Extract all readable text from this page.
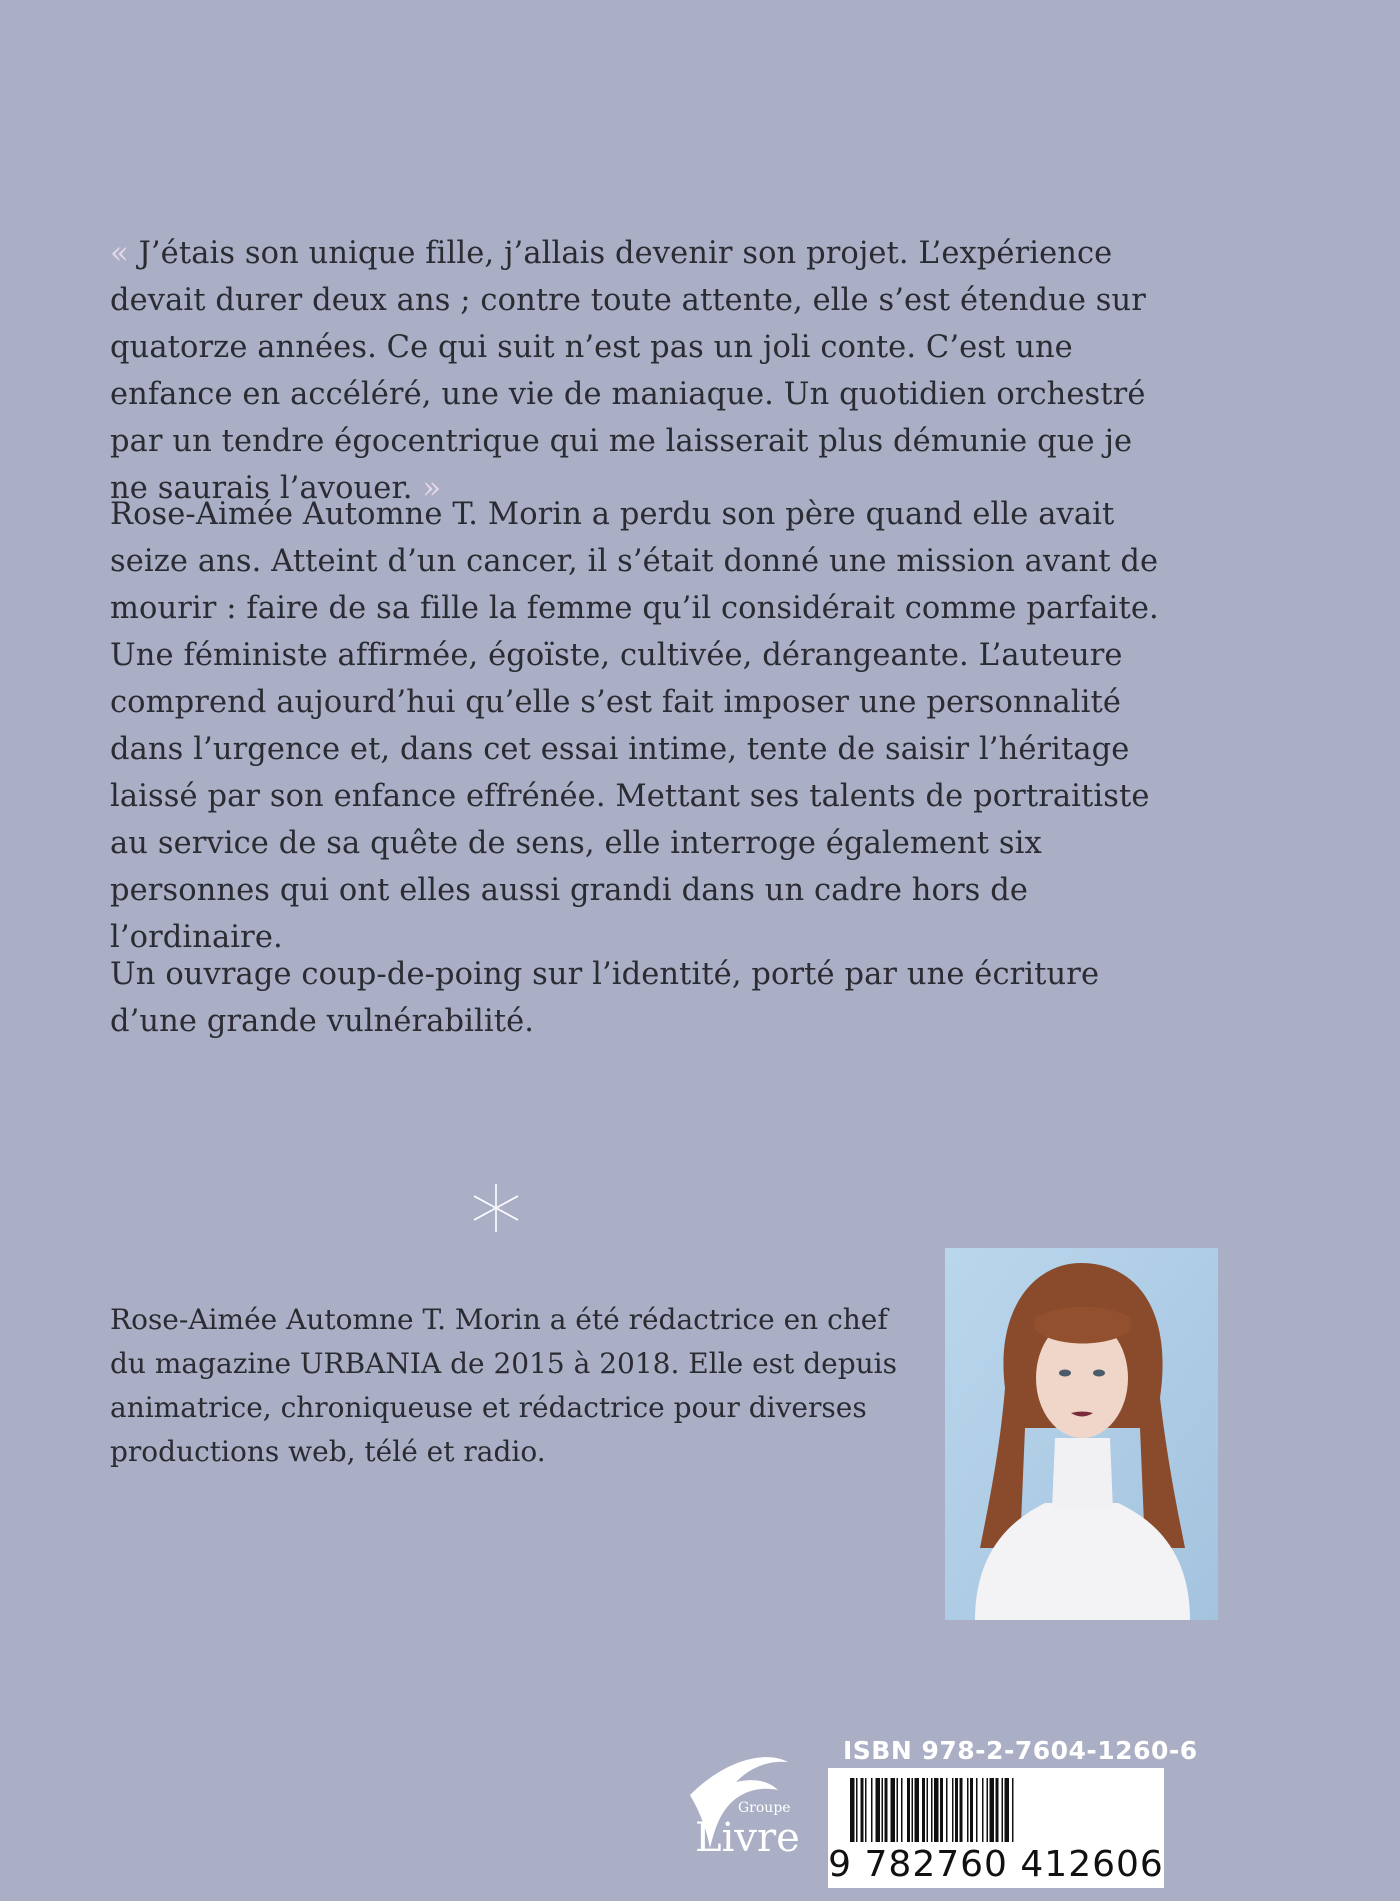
« J’étais son unique fille, j’allais devenir son projet. L’expérience devait durer deux ans ; contre toute attente, elle s’est étendue sur quatorze années. Ce qui suit n’est pas un joli conte. C’est une enfance en accéléré, une vie de maniaque. Un quotidien orchestré par un tendre égocentrique qui me laisserait plus démunie que je ne saurais l’avouer. »

Rose-Aimée Automne T. Morin a perdu son père quand elle avait seize ans. Atteint d’un cancer, il s’était donné une mission avant de mourir : faire de sa fille la femme qu’il considérait comme parfaite. Une féministe affirmée, égoïste, cultivée, dérangeante. L’auteure comprend aujourd’hui qu’elle s’est fait imposer une personnalité dans l’urgence et, dans cet essai intime, tente de saisir l’héritage laissé par son enfance effrénée. Mettant ses talents de portraitiste au service de sa quête de sens, elle interroge également six personnes qui ont elles aussi grandi dans un cadre hors de l’ordinaire.

Un ouvrage coup-de-poing sur l’identité, porté par une écriture d’une grande vulnérabilité.

Rose-Aimée Automne T. Morin a été rédactrice en chef du magazine URBANIA de 2015 à 2018. Elle est depuis animatrice, chroniqueuse et rédactrice pour diverses productions web, télé et radio.

Groupe
Livre
ISBN 978-2-7604-1260-6
9 782760 412606
